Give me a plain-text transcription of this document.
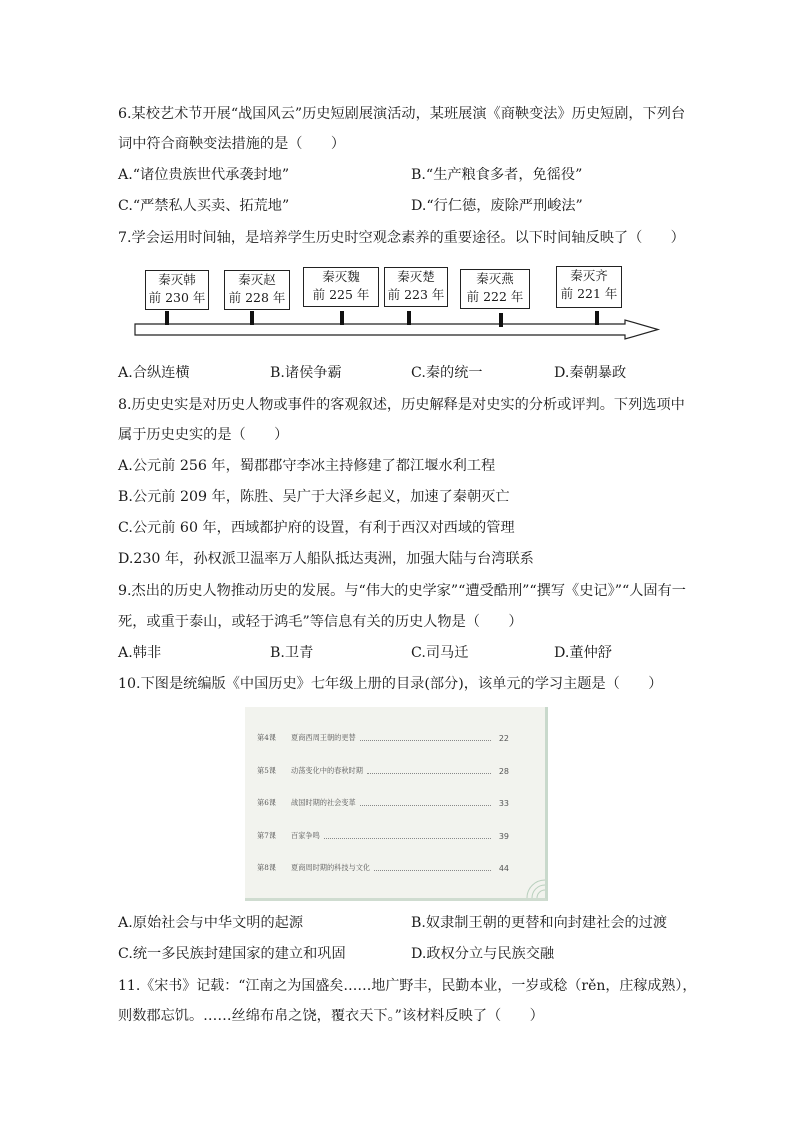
6.某校艺术节开展“战国风云”历史短剧展演活动，某班展演《商鞅变法》历史短剧，下列台
词中符合商鞅变法措施的是（　　）
A.“诸位贵族世代承袭封地”	B.“生产粮食多者，免徭役”
C.“严禁私人买卖、拓荒地”	D.“行仁德，废除严刑峻法”
7.学会运用时间轴，是培养学生历史时空观念素养的重要途径。以下时间轴反映了（　　）
秦灭韩
前 230 年
秦灭赵
前 228 年
秦灭魏
前 225 年
秦灭楚
前 223 年
秦灭燕
前 222 年
秦灭齐
前 221 年
A.合纵连横	B.诸侯争霸	C.秦的统一	D.秦朝暴政
8.历史史实是对历史人物或事件的客观叙述，历史解释是对史实的分析或评判。下列选项中
属于历史史实的是（　　）
A.公元前 256 年，蜀郡郡守李冰主持修建了都江堰水利工程
B.公元前 209 年，陈胜、吴广于大泽乡起义，加速了秦朝灭亡
C.公元前 60 年，西域都护府的设置，有利于西汉对西域的管理
D.230 年，孙权派卫温率万人船队抵达夷洲，加强大陆与台湾联系
9.杰出的历史人物推动历史的发展。与“伟大的史学家”“遭受酷刑”“撰写《史记》”“人固有一
死，或重于泰山，或轻于鸿毛”等信息有关的历史人物是（　　）
A.韩非	B.卫青	C.司马迁	D.董仲舒
10.下图是统编版《中国历史》七年级上册的目录(部分)，该单元的学习主题是（　　）
第4课	夏商西周王朝的更替	22
第5课	动荡变化中的春秋时期	28
第6课	战国时期的社会变革	33
第7课	百家争鸣	39
第8课	夏商周时期的科技与文化	44
A.原始社会与中华文明的起源	B.奴隶制王朝的更替和向封建社会的过渡
C.统一多民族封建国家的建立和巩固	D.政权分立与民族交融
11.《宋书》记载：“江南之为国盛矣……地广野丰，民勤本业，一岁或稔（rěn，庄稼成熟），
则数郡忘饥。……丝绵布帛之饶，覆衣天下。”该材料反映了（　　）
